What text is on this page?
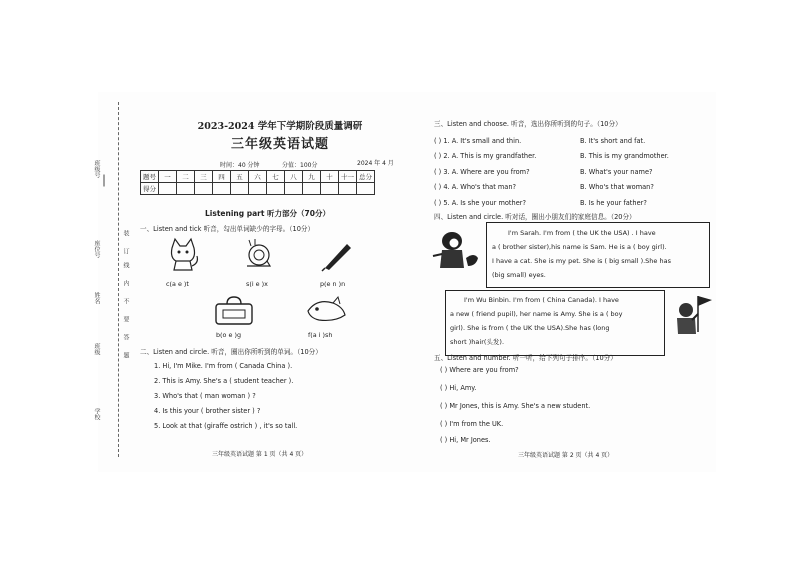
班级号
座位号
姓名
班级
学校
装
订
线
内
不
要
答
题
2023-2024 学年下学期阶段质量调研
三年级英语试题
时间：40 分钟	分值：100分	2024 年 4 月
题号	一	二	三	四	五	六	七	八	九	十	十一	总分
得分												
Listening part 听力部分（70分）
一、Listen and tick 听音，勾出单词缺少的字母。（10分）
c(a e )t	s(i e )x	p(e n )n
b(o e )g	f(a i )sh
二、Listen and circle. 听音，圈出你所听到的单词。（10分）
1. Hi, I'm Mike. I'm from ( Canada China ).
2. This is Amy. She's a ( student teacher ).
3. Who's that ( man woman ) ?
4. Is this your ( brother sister ) ?
5. Look at that (giraffe ostrich ) , it's so tall.
三年级英语试题 第 1 页（共 4 页）
三、Listen and choose. 听音，选出你所听到的句子。（10分）
( ) 1. A. It's small and thin.	B. It's short and fat.
( ) 2. A. This is my grandfather.	B. This is my grandmother.
( ) 3. A. Where are you from?	B. What's your name?
( ) 4. A. Who's that man?	B. Who's that woman?
( ) 5. A. Is she your mother?	B. Is he your father?
四、Listen and circle. 听对话，圈出小朋友们的家庭信息。（20分）
I'm Sarah. I'm from ( the UK the USA) . I have
a ( brother sister),his name is Sam. He is a ( boy girl).
I have a cat. She is my pet. She is ( big small ).She has
(big small) eyes.
I'm Wu Binbin. I'm from ( China Canada). I have
a new ( friend pupil), her name is Amy. She is a ( boy
girl). She is from ( the UK the USA).She has (long
short )hair(头发).
五、Listen and number. 听一听，给下列句子排序。（10分）
( ) Where are you from?
( ) Hi, Amy.
( ) Mr Jones, this is Amy. She's a new student.
( ) I'm from the UK.
( ) Hi, Mr Jones.
三年级英语试题 第 2 页（共 4 页）
